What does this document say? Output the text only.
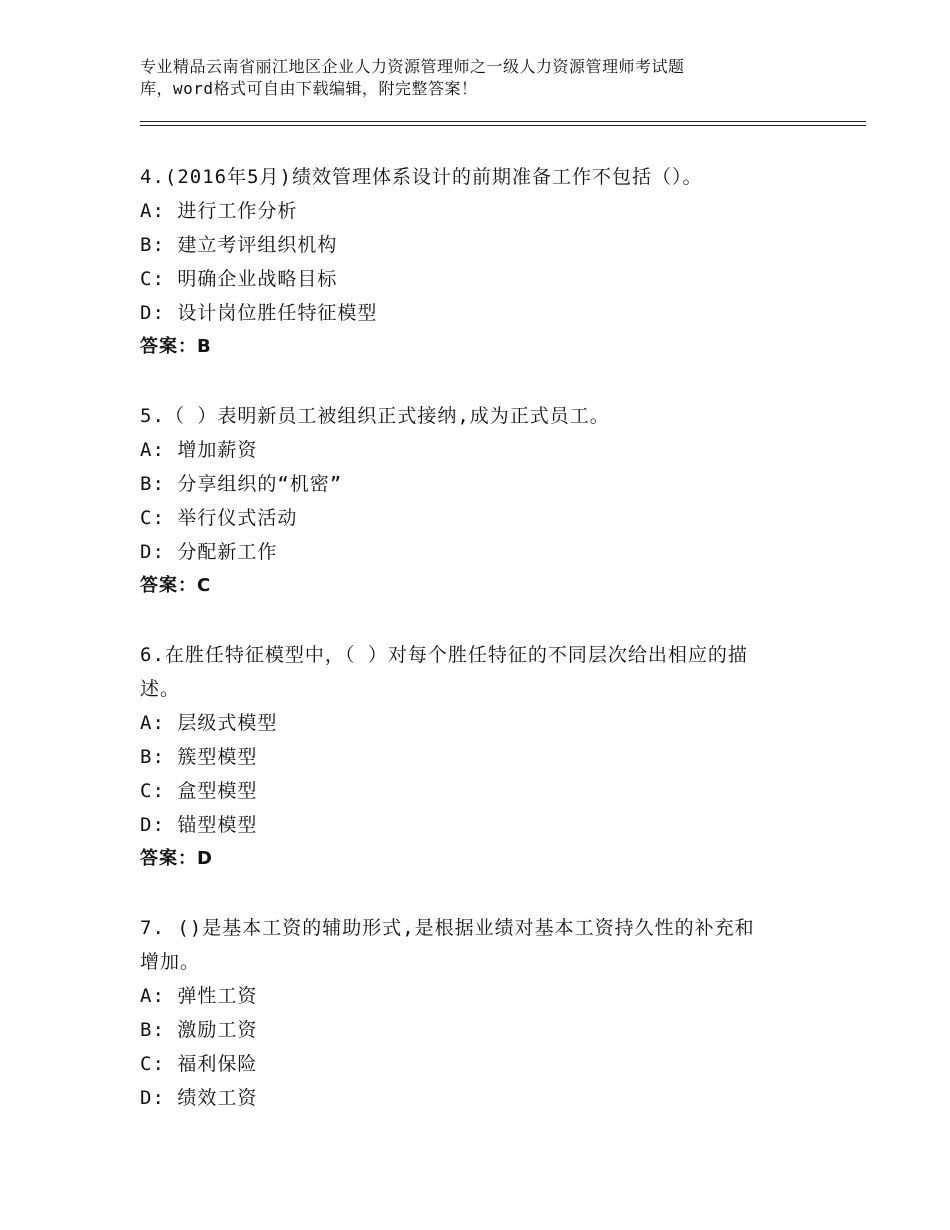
专业精品云南省丽江地区企业人力资源管理师之一级人力资源管理师考试题
库，word格式可自由下载编辑，附完整答案！
4.(2016年5月)绩效管理体系设计的前期准备工作不包括（）。
A: 进行工作分析
B: 建立考评组织机构
C: 明确企业战略目标
D: 设计岗位胜任特征模型
答案：B
5.（ ）表明新员工被组织正式接纳,成为正式员工。
A: 增加薪资
B: 分享组织的“机密”
C: 举行仪式活动
D: 分配新工作
答案：C
6.在胜任特征模型中，（ ）对每个胜任特征的不同层次给出相应的描
述。
A: 层级式模型
B: 簇型模型
C: 盒型模型
D: 锚型模型
答案：D
7. ()是基本工资的辅助形式,是根据业绩对基本工资持久性的补充和
增加。
A: 弹性工资
B: 激励工资
C: 福利保险
D: 绩效工资
